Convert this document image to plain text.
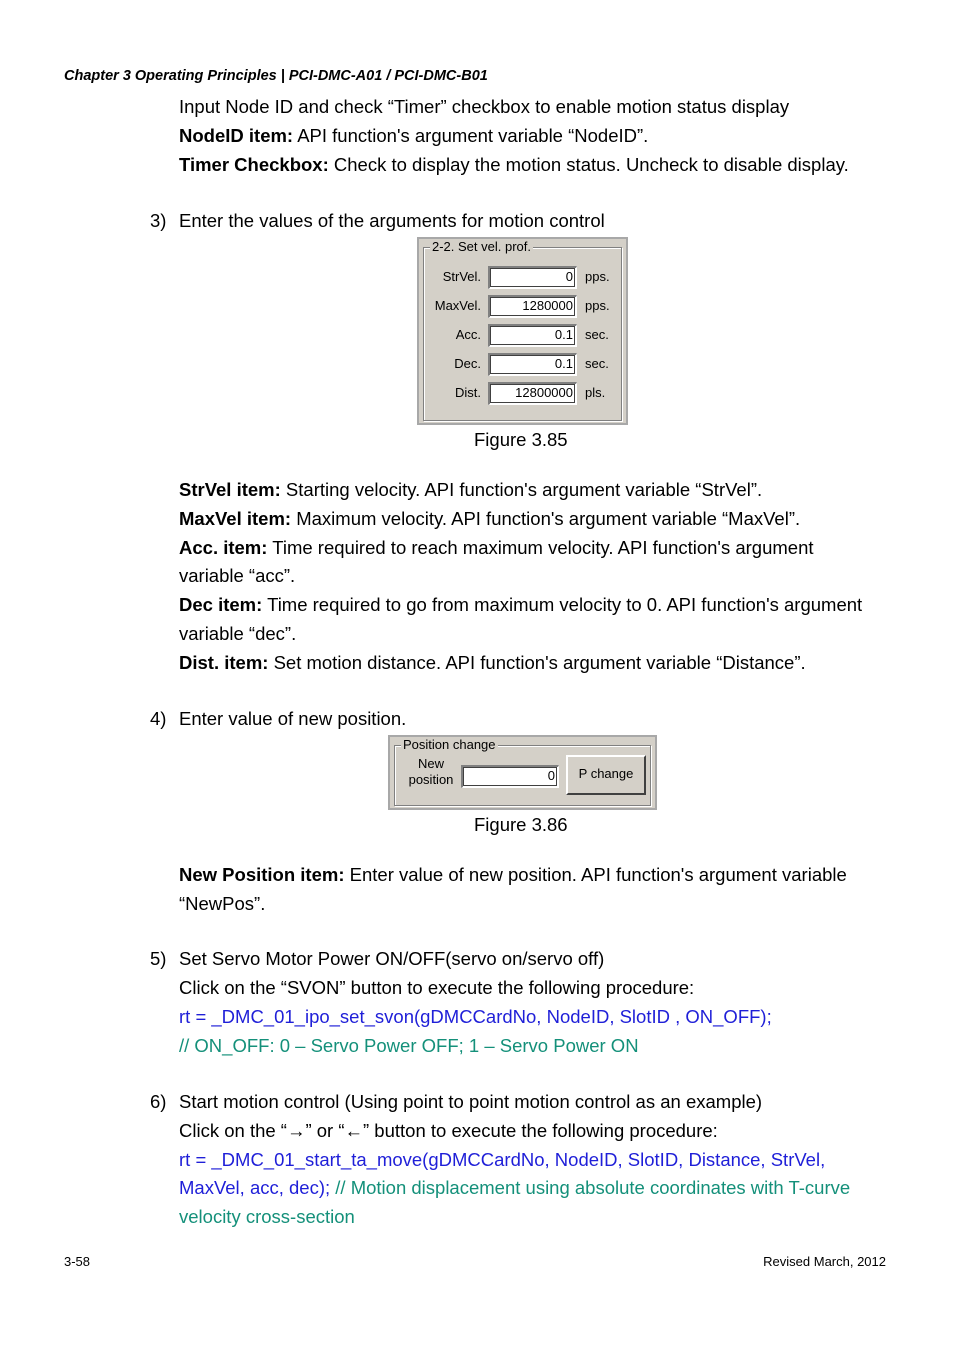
Chapter 3 Operating Principles | PCI-DMC-A01 / PCI-DMC-B01
Input Node ID and check “Timer” checkbox to enable motion status display
NodeID item: API function's argument variable “NodeID”.
Timer Checkbox: Check to display the motion status. Uncheck to disable display.
3) Enter the values of the arguments for motion control
2-2. Set vel. prof.
StrVel.	0 pps.
MaxVel.	1280000 pps.
Acc.	0.1 sec.
Dec.	0.1 sec.
Dist.	12800000 pls.
Figure 3.85
StrVel item: Starting velocity. API function's argument variable “StrVel”.
MaxVel item: Maximum velocity. API function's argument variable “MaxVel”.
Acc. item: Time required to reach maximum velocity. API function's argument
variable “acc”.
Dec item: Time required to go from maximum velocity to 0. API function's argument
variable “dec”.
Dist. item: Set motion distance. API function's argument variable “Distance”.
4) Enter value of new position.
Position change
New
position	0	P change
Figure 3.86
New Position item: Enter value of new position. API function's argument variable
“NewPos”.
5) Set Servo Motor Power ON/OFF(servo on/servo off)
Click on the “SVON” button to execute the following procedure:
rt = _DMC_01_ipo_set_svon(gDMCCardNo, NodeID, SlotID , ON_OFF);
// ON_OFF: 0 – Servo Power OFF; 1 – Servo Power ON
6) Start motion control (Using point to point motion control as an example)
Click on the “→” or “←” button to execute the following procedure:
rt = _DMC_01_start_ta_move(gDMCCardNo, NodeID, SlotID, Distance, StrVel,
MaxVel, acc, dec); // Motion displacement using absolute coordinates with T-curve
velocity cross-section
3-58	Revised March, 2012
